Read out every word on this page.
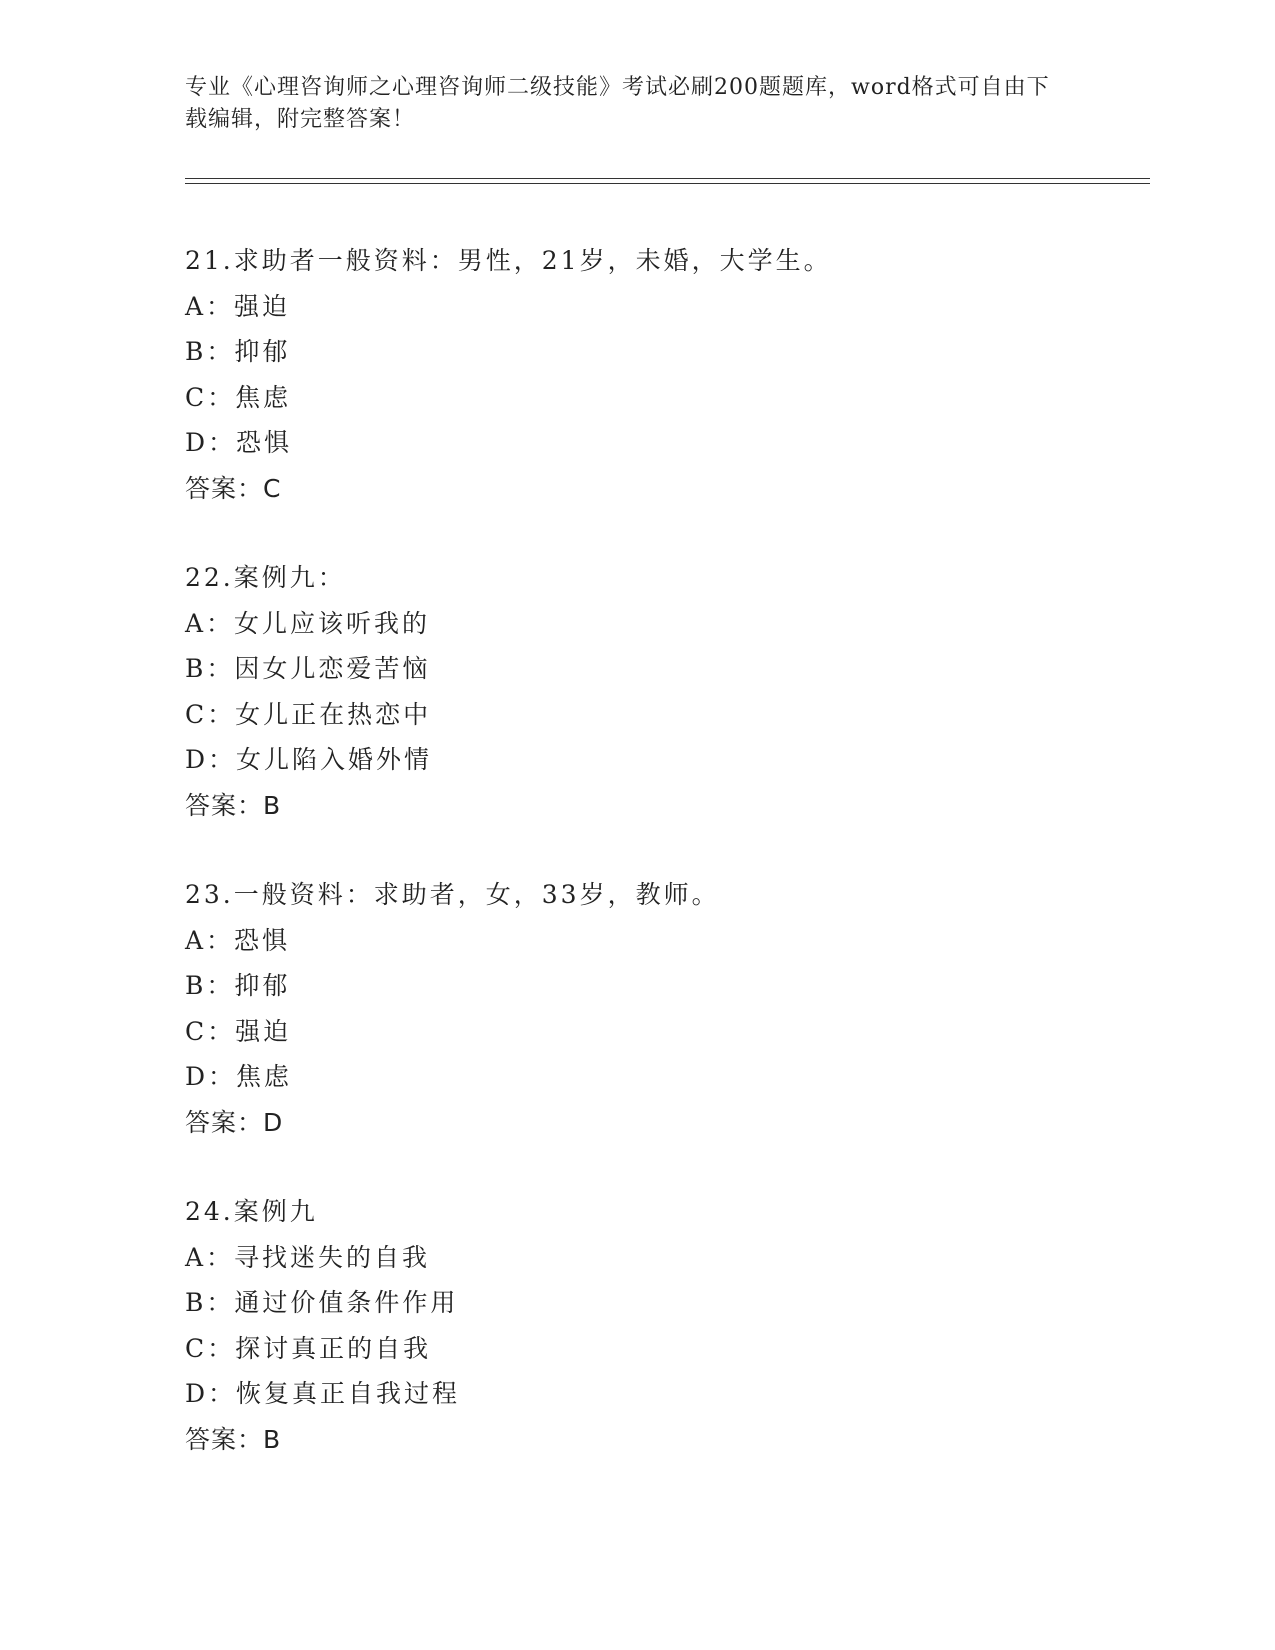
专业《心理咨询师之心理咨询师二级技能》考试必刷200题题库，word格式可自由下载编辑，附完整答案！
21.求助者一般资料：男性，21岁，未婚，大学生。
A：强迫
B：抑郁
C：焦虑
D：恐惧
答案：C
22.案例九：
A：女儿应该听我的
B：因女儿恋爱苦恼
C：女儿正在热恋中
D：女儿陷入婚外情
答案：B
23.一般资料：求助者，女，33岁，教师。
A：恐惧
B：抑郁
C：强迫
D：焦虑
答案：D
24.案例九
A：寻找迷失的自我
B：通过价值条件作用
C：探讨真正的自我
D：恢复真正自我过程
答案：B
